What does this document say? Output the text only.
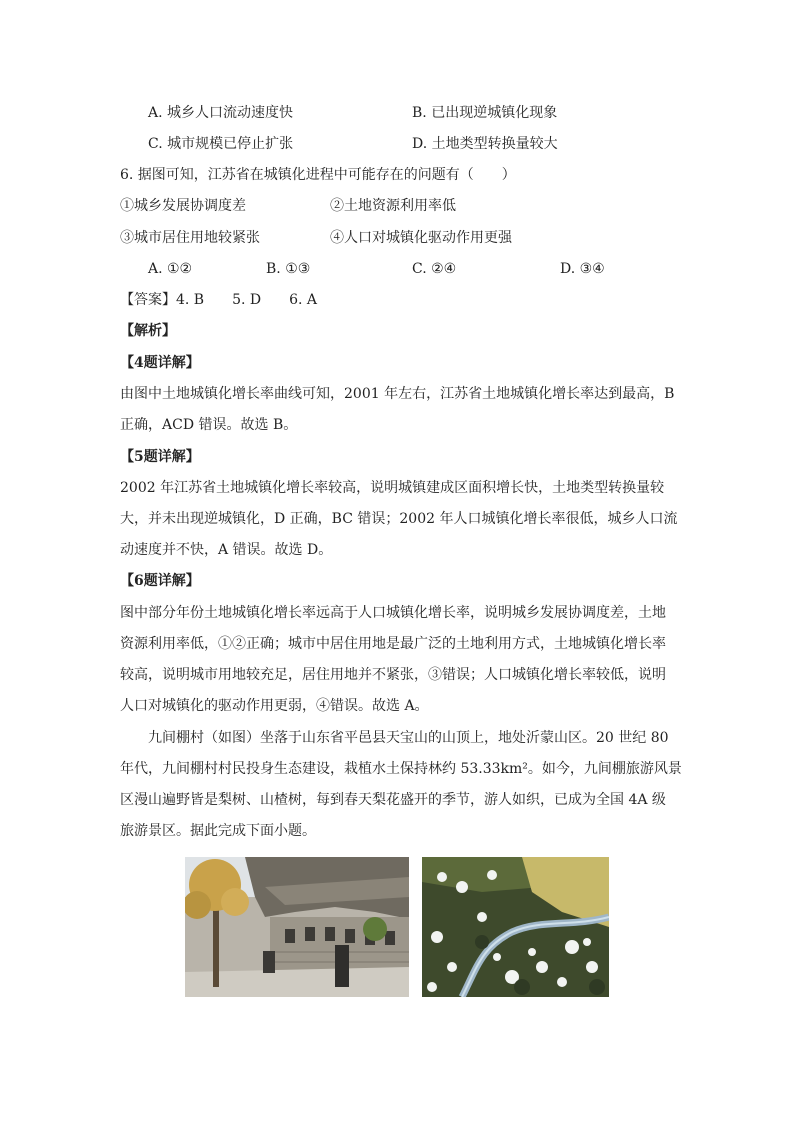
A. 城乡人口流动速度快	B. 已出现逆城镇化现象
C. 城市规模已停止扩张	D. 土地类型转换量较大
6. 据图可知，江苏省在城镇化进程中可能存在的问题有（　　）
①城乡发展协调度差	②土地资源利用率低
③城市居住用地较紧张	④人口对城镇化驱动作用更强
A. ①②	B. ①③	C. ②④	D. ③④
【答案】4. B　　5. D　　6. A
【解析】
【4题详解】
由图中土地城镇化增长率曲线可知，2001 年左右，江苏省土地城镇化增长率达到最高，B
正确，ACD 错误。故选 B。
【5题详解】
2002 年江苏省土地城镇化增长率较高，说明城镇建成区面积增长快，土地类型转换量较
大，并未出现逆城镇化，D 正确，BC 错误；2002 年人口城镇化增长率很低，城乡人口流
动速度并不快，A 错误。故选 D。
【6题详解】
图中部分年份土地城镇化增长率远高于人口城镇化增长率，说明城乡发展协调度差，土地
资源利用率低，①②正确；城市中居住用地是最广泛的土地利用方式，土地城镇化增长率
较高，说明城市用地较充足，居住用地并不紧张，③错误；人口城镇化增长率较低，说明
人口对城镇化的驱动作用更弱，④错误。故选 A。
　　九间棚村（如图）坐落于山东省平邑县天宝山的山顶上，地处沂蒙山区。20 世纪 80
年代，九间棚村村民投身生态建设，栽植水土保持林约 53.33km²。如今，九间棚旅游风景
区漫山遍野皆是梨树、山楂树，每到春天梨花盛开的季节，游人如织，已成为全国 4A 级
旅游景区。据此完成下面小题。
